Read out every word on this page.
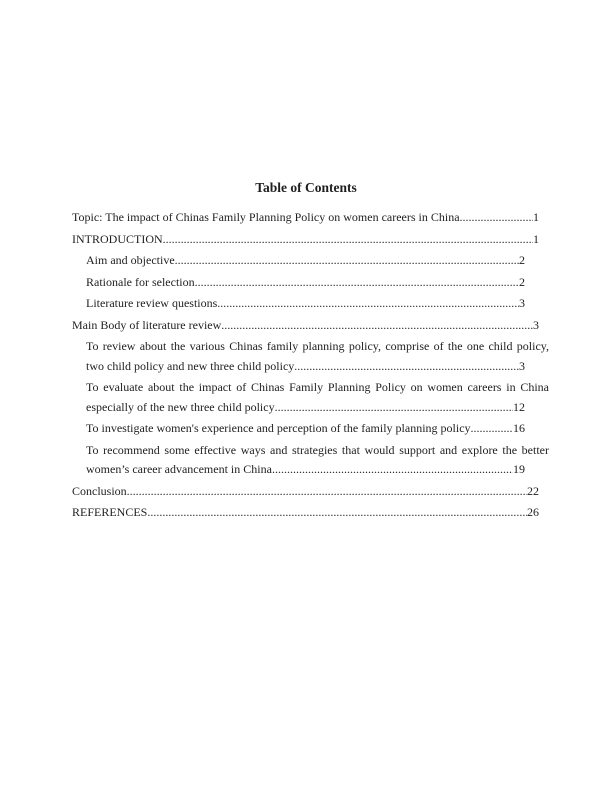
Table of Contents
Topic: The impact of Chinas Family Planning Policy on women careers in China .....	1
INTRODUCTION .....	1
Aim and objective .....	2
Rationale for selection .....	2
Literature review questions .....	3
Main Body of literature review .....	3
To review about the various Chinas family planning policy, comprise of the one child policy,
two child policy and new three child policy .....	3
To evaluate about the impact of Chinas Family Planning Policy on women careers in China
especially of the new three child policy .....	12
To investigate women's experience and perception of the family planning policy .....	16
To recommend some effective ways and strategies that would support and explore the better
women’s career advancement in China .....	19
Conclusion .....	22
REFERENCES .....	26
